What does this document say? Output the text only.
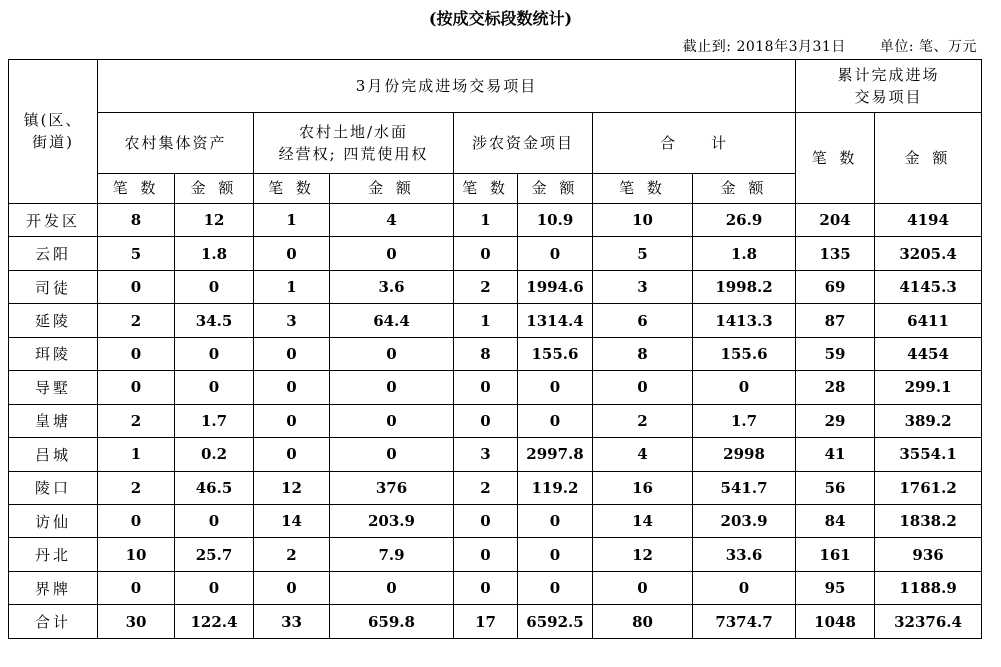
(按成交标段数统计)
截止到: 2018年3月31日 单位: 笔、万元
镇(区、
街道)	3月份完成进场交易项目								累计完成进场
交易项目	
	农村集体资产		农村土地/水面
经营权; 四荒使用权		涉农资金项目		合　　计		笔 数	金 额
	笔 数	金 额	笔 数	金 额	笔 数	金 额	笔 数	金 额		
开发区	8	12	1	4	1	10.9	10	26.9	204	4194
云阳	5	1.8	0	0	0	0	5	1.8	135	3205.4
司徒	0	0	1	3.6	2	1994.6	3	1998.2	69	4145.3
延陵	2	34.5	3	64.4	1	1314.4	6	1413.3	87	6411
珥陵	0	0	0	0	8	155.6	8	155.6	59	4454
导墅	0	0	0	0	0	0	0	0	28	299.1
皇塘	2	1.7	0	0	0	0	2	1.7	29	389.2
吕城	1	0.2	0	0	3	2997.8	4	2998	41	3554.1
陵口	2	46.5	12	376	2	119.2	16	541.7	56	1761.2
访仙	0	0	14	203.9	0	0	14	203.9	84	1838.2
丹北	10	25.7	2	7.9	0	0	12	33.6	161	936
界牌	0	0	0	0	0	0	0	0	95	1188.9
合计	30	122.4	33	659.8	17	6592.5	80	7374.7	1048	32376.4
